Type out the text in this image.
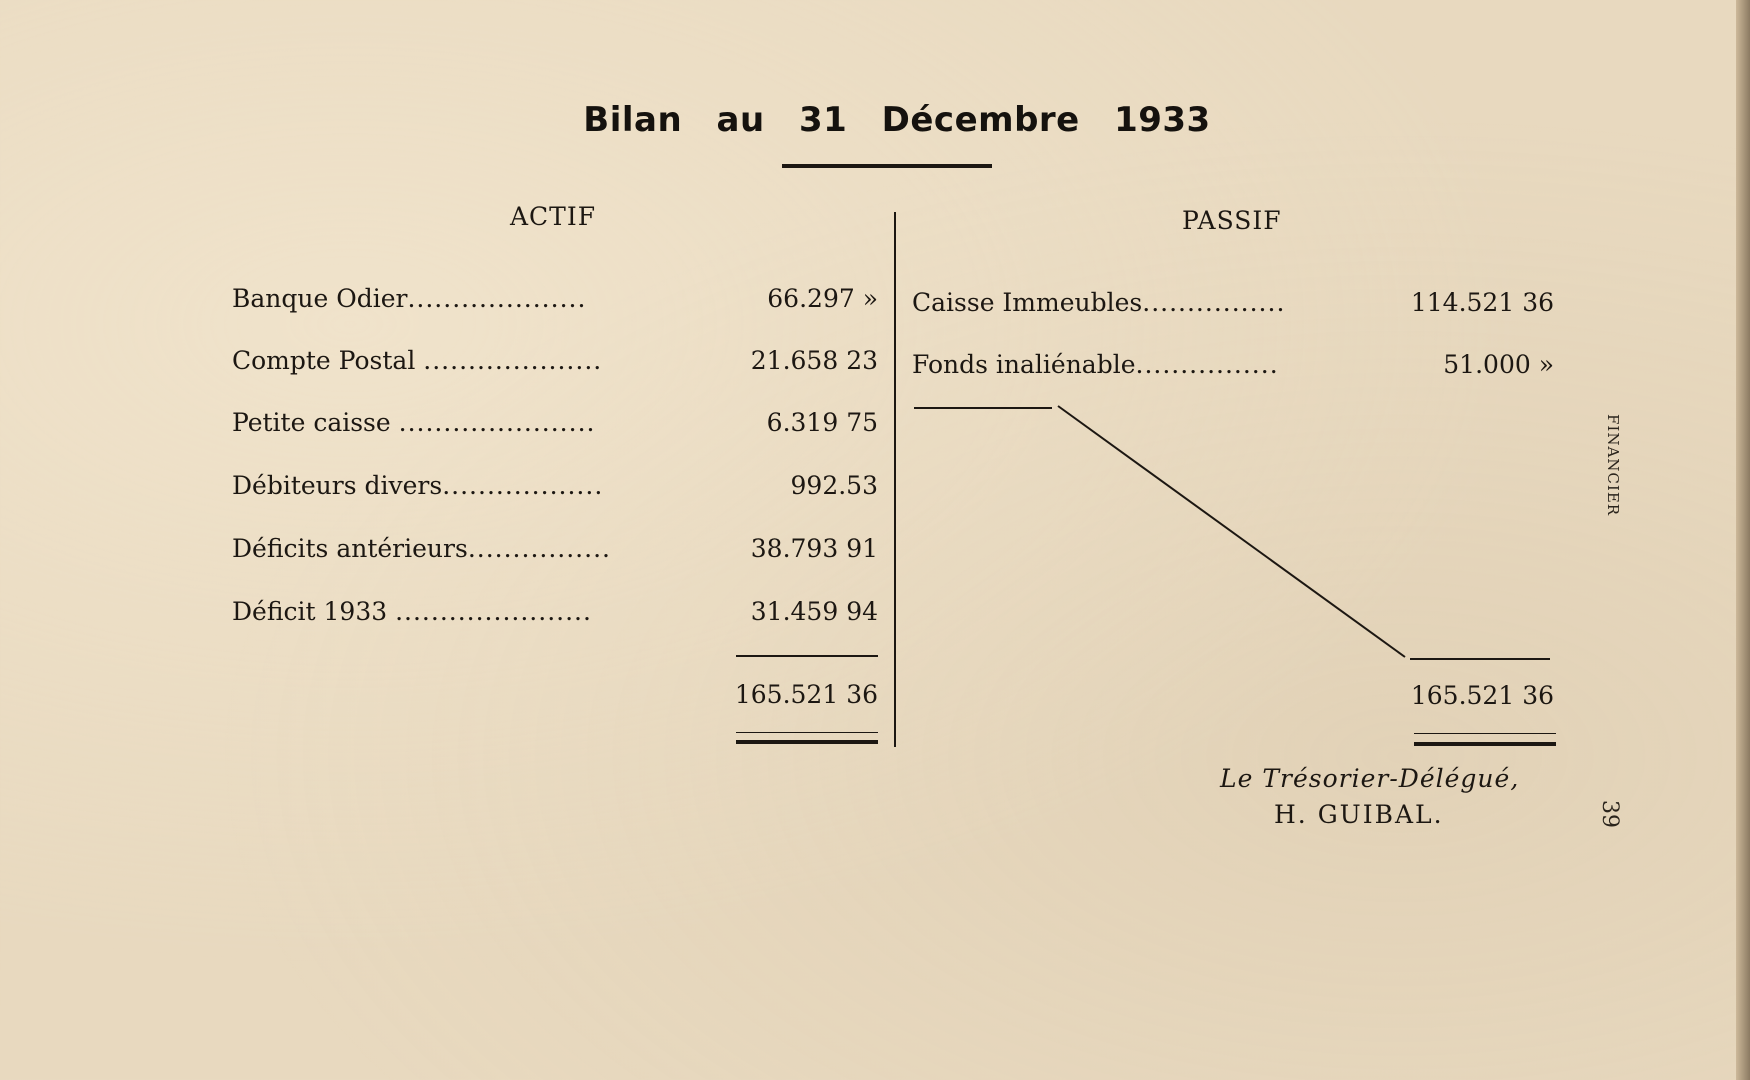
Bilan au 31 Décembre 1933
ACTIF	PASSIF
Banque Odier....................	66.297 »
Compte Postal ....................	21.658 23
Petite caisse ......................	6.319 75
Débiteurs divers..................	992.53
Déficits antérieurs................	38.793 91
Déficit 1933 ......................	31.459 94
165.521 36
Caisse Immeubles................	114.521 36
Fonds inaliénable................	51.000 »
165.521 36
Le Trésorier-Délégué,
H. GUIBAL.
FINANCIER
39
